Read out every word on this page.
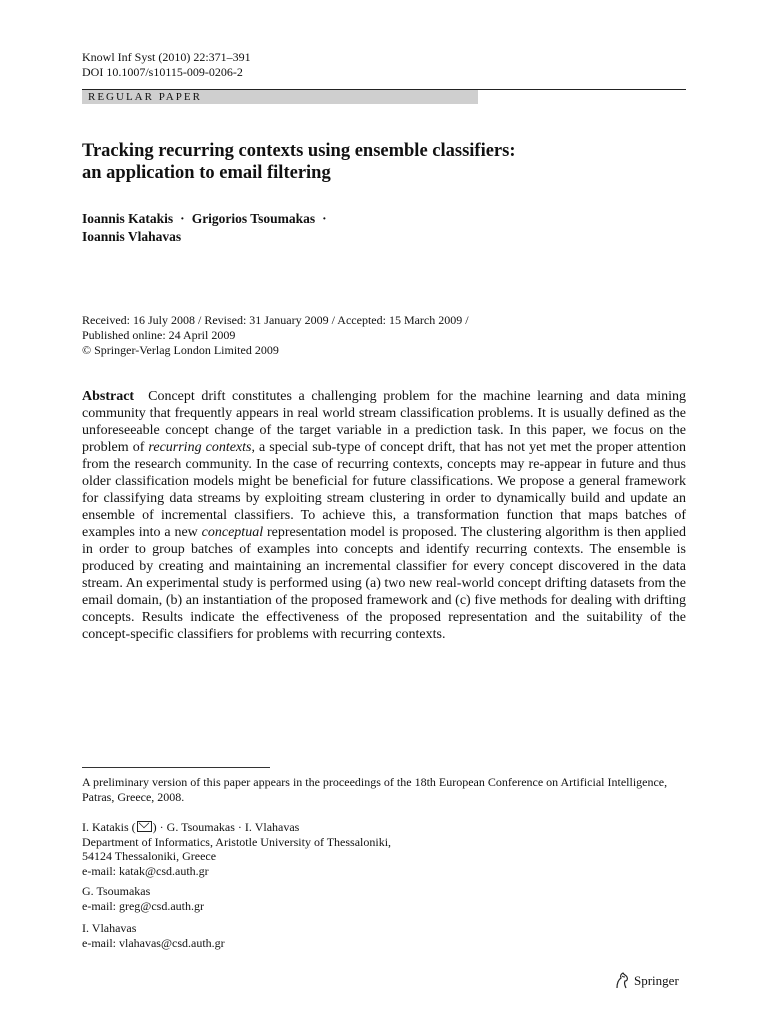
Knowl Inf Syst (2010) 22:371–391
DOI 10.1007/s10115-009-0206-2
REGULAR PAPER
Tracking recurring contexts using ensemble classifiers:
an application to email filtering
Ioannis Katakis · Grigorios Tsoumakas ·
Ioannis Vlahavas
Received: 16 July 2008 / Revised: 31 January 2009 / Accepted: 15 March 2009 /
Published online: 24 April 2009
© Springer-Verlag London Limited 2009
Abstract Concept drift constitutes a challenging problem for the machine learning and data mining community that frequently appears in real world stream classification problems. It is usually defined as the unforeseeable concept change of the target variable in a prediction task. In this paper, we focus on the problem of recurring contexts, a special sub-type of concept drift, that has not yet met the proper attention from the research community. In the case of recurring contexts, concepts may re-appear in future and thus older classification models might be beneficial for future classifications. We propose a general framework for classifying data streams by exploiting stream clustering in order to dynamically build and update an ensemble of incremental classifiers. To achieve this, a transformation function that maps batches of examples into a new conceptual representation model is proposed. The clustering algorithm is then applied in order to group batches of examples into concepts and identify recurring contexts. The ensemble is produced by creating and maintaining an incremental classifier for every concept discovered in the data stream. An experimental study is performed using (a) two new real-world concept drifting datasets from the email domain, (b) an instantiation of the proposed framework and (c) five methods for dealing with drifting concepts. Results indicate the effectiveness of the proposed representation and the suitability of the concept-specific classifiers for problems with recurring contexts.
A preliminary version of this paper appears in the proceedings of the 18th European Conference on Artificial Intelligence, Patras, Greece, 2008.
I. Katakis ( ) · G. Tsoumakas · I. Vlahavas
Department of Informatics, Aristotle University of Thessaloniki,
54124 Thessaloniki, Greece
e-mail: katak@csd.auth.gr
G. Tsoumakas
e-mail: greg@csd.auth.gr
I. Vlahavas
e-mail: vlahavas@csd.auth.gr
Springer
